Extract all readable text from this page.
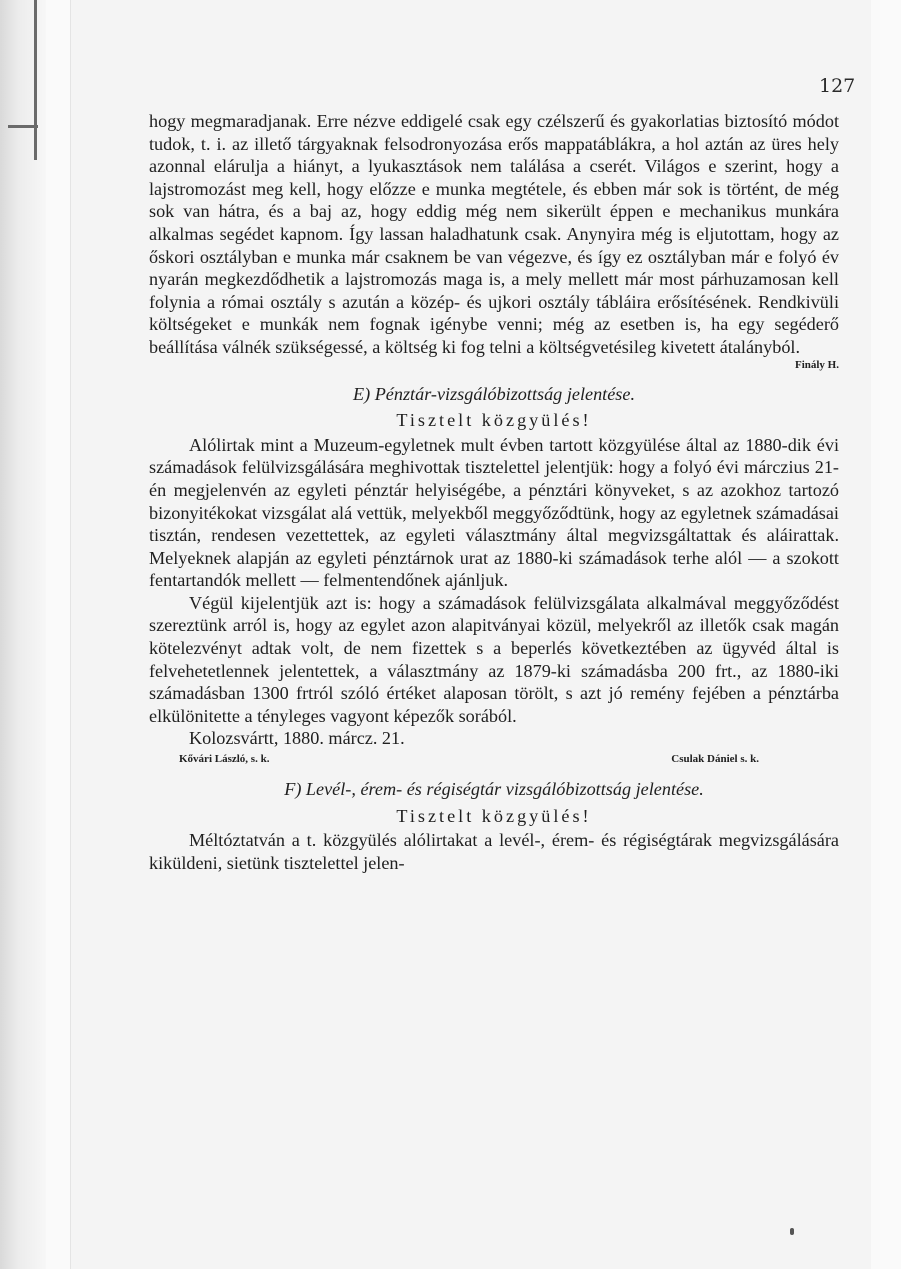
127

hogy megmaradjanak. Erre nézve eddigelé csak egy czélszerű és gyakorlatias biztosító módot tudok, t. i. az illető tárgyaknak felsodronyozása erős mappatáblákra, a hol aztán az üres hely azonnal elárulja a hiányt, a lyukasztások nem találása a cserét. Világos e szerint, hogy a lajstromozást meg kell, hogy előzze e munka megtétele, és ebben már sok is történt, de még sok van hátra, és a baj az, hogy eddig még nem sikerült éppen e mechanikus munkára alkalmas segédet kapnom. Így lassan haladhatunk csak. Anynyira még is eljutottam, hogy az őskori osztályban e munka már csaknem be van végezve, és így ez osztályban már e folyó év nyarán megkezdődhetik a lajstromozás maga is, a mely mellett már most párhuzamosan kell folynia a római osztály s azután a közép- és ujkori osztály tábláira erősítésének. Rendkivüli költségeket e munkák nem fognak igénybe venni; még az esetben is, ha egy segéderő beállítása válnék szükségessé, a költség ki fog telni a költségvetésileg kivetett átalányból.

Finály H.
E) Pénztár-vizsgálóbizottság jelentése.
Tisztelt közgyülés!

Alólirtak mint a Muzeum-egyletnek mult évben tartott közgyülése által az 1880-dik évi számadások felülvizsgálására meghivottak tisztelettel jelentjük: hogy a folyó évi márczius 21-én megjelenvén az egyleti pénztár helyiségébe, a pénztári könyveket, s az azokhoz tartozó bizonyitékokat vizsgálat alá vettük, melyekből meggyőződtünk, hogy az egyletnek számadásai tisztán, rendesen vezettettek, az egyleti választmány által megvizsgáltattak és aláirattak. Melyeknek alapján az egyleti pénztárnok urat az 1880-ki számadások terhe alól — a szokott fentartandók mellett — felmentendőnek ajánljuk.

Végül kijelentjük azt is: hogy a számadások felülvizsgálata alkalmával meggyőződést szereztünk arról is, hogy az egylet azon alapitványai közül, melyekről az illetők csak magán kötelezvényt adtak volt, de nem fizettek s a beperlés következtében az ügyvéd által is felvehetetlennek jelentettek, a választmány az 1879-ki számadásba 200 frt., az 1880-iki számadásban 1300 frtról szóló értéket alaposan törölt, s azt jó remény fejében a pénztárba elkülönitette a tényleges vagyont képezők sorából.

Kolozsvártt, 1880. márcz. 21.

Kővári László, s. k.	Csulak Dániel s. k.
F) Levél-, érem- és régiségtár vizsgálóbizottság jelentése.
Tisztelt közgyülés!

Méltóztatván a t. közgyülés alólirtakat a levél-, érem- és régiségtárak megvizsgálására kiküldeni, sietünk tisztelettel jelen-
